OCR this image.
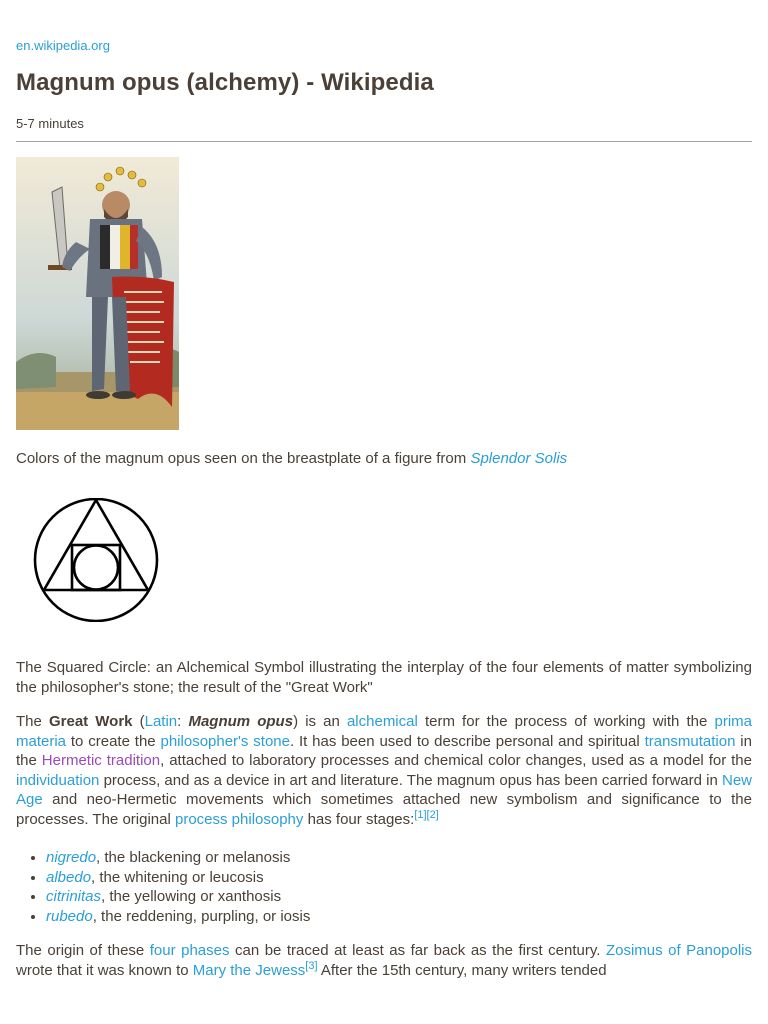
en.wikipedia.org
Magnum opus (alchemy) - Wikipedia
5-7 minutes
Colors of the magnum opus seen on the breastplate of a figure from Splendor Solis
The Squared Circle: an Alchemical Symbol illustrating the interplay of the four elements of matter symbolizing the philosopher's stone; the result of the "Great Work"

The Great Work (Latin: Magnum opus) is an alchemical term for the process of working with the prima materia to create the philosopher's stone. It has been used to describe personal and spiritual transmutation in the Hermetic tradition, attached to laboratory processes and chemical color changes, used as a model for the individuation process, and as a device in art and literature. The magnum opus has been carried forward in New Age and neo-Hermetic movements which sometimes attached new symbolism and significance to the processes. The original process philosophy has four stages:[1][2]

• nigredo, the blackening or melanosis
• albedo, the whitening or leucosis
• citrinitas, the yellowing or xanthosis
• rubedo, the reddening, purpling, or iosis

The origin of these four phases can be traced at least as far back as the first century. Zosimus of Panopolis wrote that it was known to Mary the Jewess[3] After the 15th century, many writers tended
